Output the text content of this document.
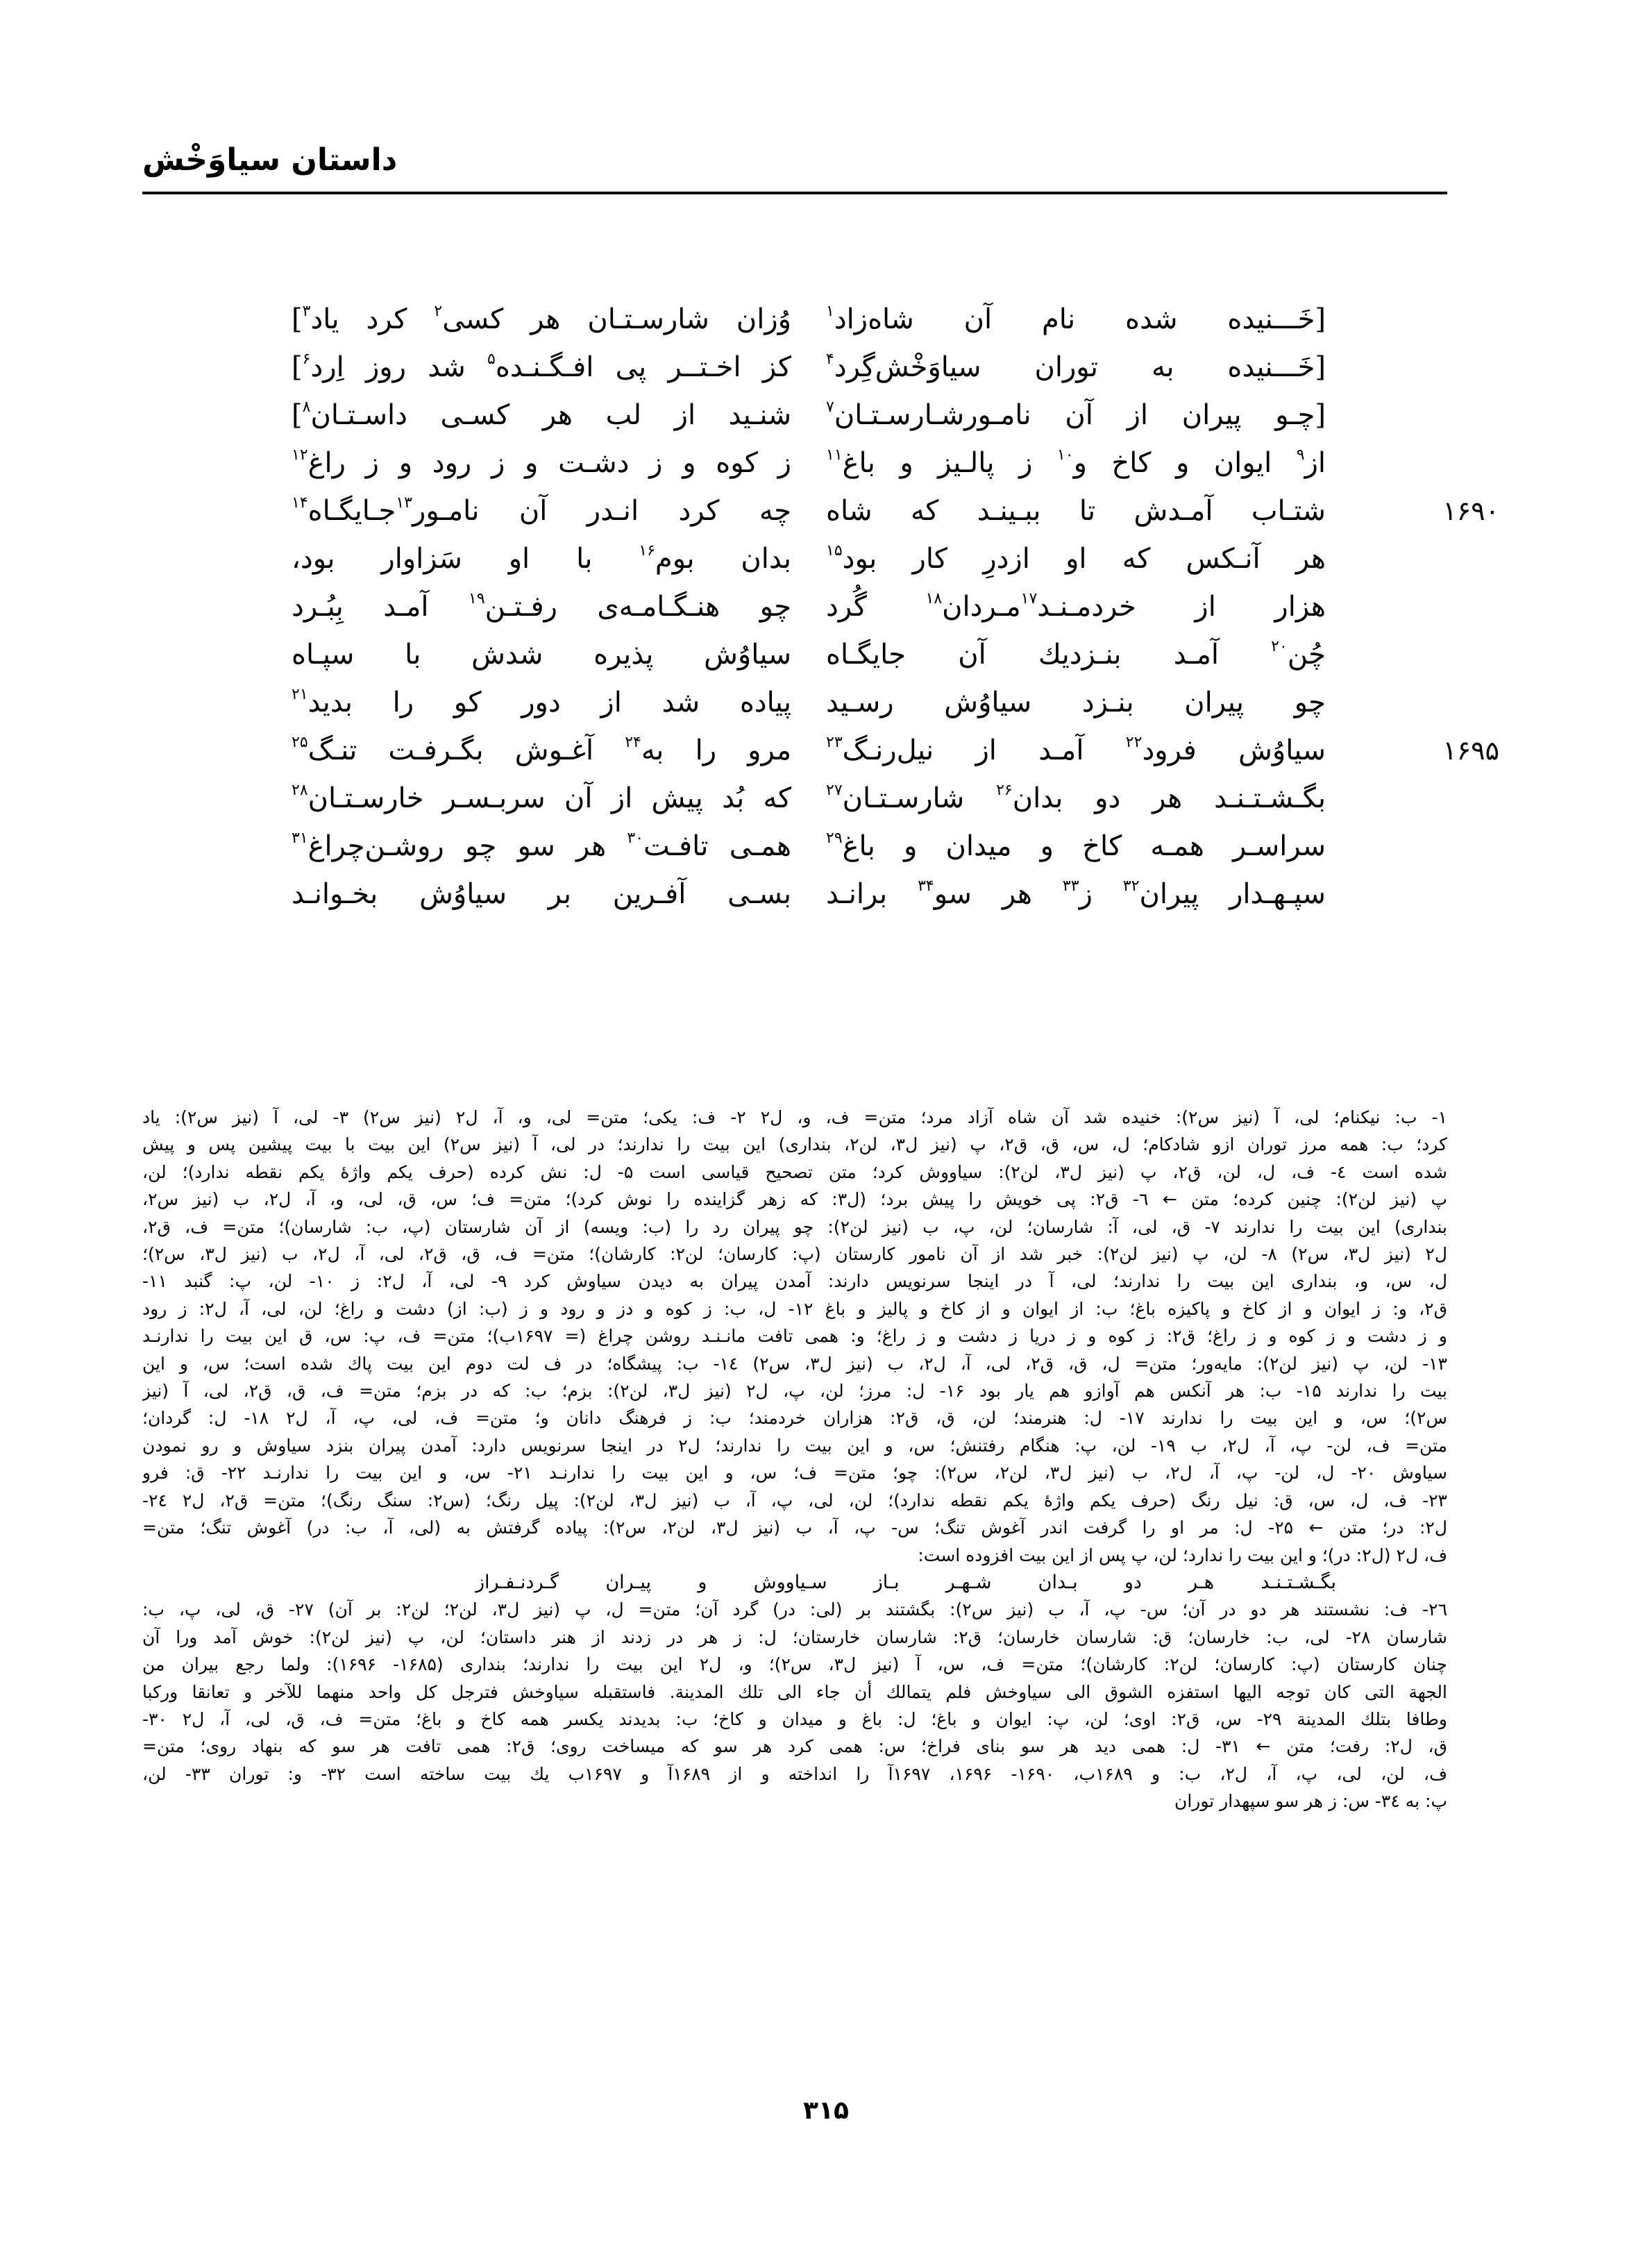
داستان سیاوَخْش
[خَـــنیده شده نام آن شاه‌زاد$^۱$
وُزان شارسـتـان هر کسی$^۲$ کرد یاد$^۳$]
[خَـــنیده به توران سیاوَخْش‌گِرد$^۴$
کز اخـتــر پی افـگـنـده$^۵$ شد روز اِرد$^۶$]
[چـو پیران از آن نامـورشـارسـتـان$^۷$
شنـید از لب هر کسـی داسـتـان$^۸$]
از$^۹$ ایوان و کاخ و$^{۱۰}$ ز پالـیز و باغ$^{۱۱}$
ز کوه و ز دشـت و ز رود و ز راغ$^{۱۲}$
۱۶۹۰
شتـاب آمـدش تا ببـینـد که شاه
چه کرد انـدر آن نامـور$^{۱۳}$جـایگـاه$^{۱۴}$
هر آنـکس که او ازدرِ کار بود$^{۱۵}$
بدان بوم$^{۱۶}$ با او سَزاوار بود،
هزار از خردمـنـد$^{۱۷}$مـردان$^{۱۸}$ گُرد
چو هنـگـامـه‌ی رفـتـن$^{۱۹}$ آمـد بِبُـرد
چُن$^{۲۰}$ آمـد بنـزدیك آن جایگـاه
سیاوُش پذیره شدش با سپـاه
چو پیران بنـزد سیاوُش رسـید
پیاده شد از دور کو را بدید$^{۲۱}$
۱۶۹۵
سیاوُش فرود$^{۲۲}$ آمـد از نیل‌رنـگ$^{۲۳}$
مرو را به$^{۲۴}$ آغـوش بگـرفـت تنـگ$^{۲۵}$
بگـشـتـنـد هر دو بدان$^{۲۶}$ شارسـتـان$^{۲۷}$
که بُد پیش از آن سربـسـر خارسـتـان$^{۲۸}$
سراسـر همـه کاخ و میدان و باغ$^{۲۹}$
همـی تافـت$^{۳۰}$ هر سو چو روشـن‌چراغ$^{۳۱}$
سپـهـدار پیران$^{۳۲}$ ز$^{۳۳}$ هر سو$^{۳۴}$ برانـد
بسـی آفـرین بر سیاوُش بخـوانـد
۱- ب: نیکنام؛ لی، آ (نیز س۲): خنیده شد آن شاه آزاد مرد؛ متن= ف، و، ل۲ ۲- ف: یکی؛ متن= لی، و، آ، ل۲ (نیز س۲) ۳- لی، آ (نیز س۲): یاد
کرد؛ ب: همه مرز توران ازو شادکام؛ ل، س، ق، ق۲، پ (نیز ل۳، لن۲، بنداری) این بیت را ندارند؛ در لی، آ (نیز س۲) این بیت با بیت پیشین پس و پیش
شده است ٤- ف، ل، لن، ق۲، پ (نیز ل۳، لن۲): سیاووش کرد؛ متن تصحیح قیاسی است ۵- ل: نش کرده (حرف یکم واژهٔ یکم نقطه ندارد)؛ لن،
پ (نیز لن۲): چنین کرده؛ متن ← ٦- ق۲: پی خویش را پیش برد؛ (ل۳: که زهر گزاینده را نوش کرد)؛ متن= ف؛ س، ق، لی، و، آ، ل۲، ب (نیز س۲،
بنداری) این بیت را ندارند ۷- ق، لی، آ: شارسان؛ لن، پ، ب (نیز لن۲): چو پیران رد را (ب: ویسه) از آن شارستان (پ، ب: شارسان)؛ متن= ف، ق۲،
ل۲ (نیز ل۳، س۲) ۸- لن، پ (نیز لن۲): خبر شد از آن نامور کارستان (پ: کارسان؛ لن۲: کارشان)؛ متن= ف، ق، ق۲، لی، آ، ل۲، ب (نیز ل۳، س۲)؛
ل، س، و، بنداری این بیت را ندارند؛ لی، آ در اینجا سرنویس دارند: آمدن پیران به دیدن سیاوش کرد ۹- لی، آ، ل۲: ز ۱۰- لن، پ: گنبد ۱۱-
ق۲، و: ز ایوان و از کاخ و پاکیزه باغ؛ ب: از ایوان و از کاخ و پالیز و باغ ۱۲- ل، ب: ز کوه و دز و رود و ز (ب: از) دشت و راغ؛ لن، لی، آ، ل۲: ز رود
و ز دشت و ز کوه و ز راغ؛ ق۲: ز کوه و ز دریا ز دشت و ز راغ؛ و: همی تافت مانـنـد روشن چراغ (= ۱۶۹۷ب)؛ متن= ف، پ: س، ق این بیت را ندارنـد
۱۳- لن، پ (نیز لن۲): مایه‌ور؛ متن= ل، ق، ق۲، لی، آ، ل۲، ب (نیز ل۳، س۲) ۱٤- ب: پیشگاه؛ در ف لت دوم این بیت پاك شده است؛ س، و این
بیت را ندارند ۱۵- ب: هر آنکس هم آوازو هم یار بود ۱۶- ل: مرز؛ لن، پ، ل۲ (نیز ل۳، لن۲): بزم؛ ب: که در بزم؛ متن= ف، ق، ق۲، لی، آ (نیز
س۲)؛ س، و این بیت را ندارند ۱۷- ل: هنرمند؛ لن، ق، ق۲: هزاران خردمند؛ ب: ز فرهنگ دانان و؛ متن= ف، لی، پ، آ، ل۲ ۱۸- ل: گردان؛
متن= ف، لن- پ، آ، ل۲، ب ۱۹- لن، پ: هنگام رفتنش؛ س، و این بیت را ندارند؛ ل۲ در اینجا سرنویس دارد: آمدن پیران بنزد سیاوش و رو نمودن
سیاوش ۲۰- ل، لن- پ، آ، ل۲، ب (نیز ل۳، لن۲، س۲): چو؛ متن= ف؛ س، و این بیت را ندارنـد ۲۱- س، و این بیت را ندارنـد ۲۲- ق: فرو
۲۳- ف، ل، س، ق: نیل رنگ (حرف یکم واژهٔ یکم نقطه ندارد)؛ لن، لی، پ، آ، ب (نیز ل۳، لن۲): پیل رنگ؛ (س۲: سنگ رنگ)؛ متن= ق۲، ل۲ ۲٤-
ل۲: در؛ متن ← ۲۵- ل: مر او را گرفت اندر آغوش تنگ؛ س- پ، آ، ب (نیز ل۳، لن۲، س۲): پیاده گرفتش به (لی، آ، ب: در) آغوش تنگ؛ متن=
ف، ل۲ (ل۲: در)؛ و این بیت را ندارد؛ لن، پ پس از این بیت افزوده است:
بگـشـتـنـد هـر دو بـدان شـهـر بـاز سـیاووش و پیـران گـردنـفـراز
۲٦- ف: نشستند هر دو در آن؛ س- پ، آ، ب (نیز س۲): بگشتند بر (لی: در) گرد آن؛ متن= ل، پ (نیز ل۳، لن۲؛ لن۲: بر آن) ۲۷- ق، لی، پ، ب:
شارسان ۲۸- لی، ب: خارسان؛ ق: شارسان خارسان؛ ق۲: شارسان خارستان؛ ل: ز هر در زدند از هنر داستان؛ لن، پ (نیز لن۲): خوش آمد ورا آن
چنان کارستان (پ: کارسان؛ لن۲: کارشان)؛ متن= ف، س، آ (نیز ل۳، س۲)؛ و، ل۲ این بیت را ندارند؛ بنداری (۱۶۸۵- ۱۶۹۶): ولما رجع بیران من
الجهة التی کان توجه الیها استفزه الشوق الی سیاوخش فلم یتمالك أن جاء الی تلك المدینة. فاستقبله سیاوخش فترجل کل واحد منهما للآخر و تعانقا ورکبا
وطافا بتلك المدینة ۲۹- س، ق۲: اوی؛ لن، پ: ایوان و باغ؛ ل: باغ و میدان و کاخ؛ ب: بدیدند یکسر همه کاخ و باغ؛ متن= ف، ق، لی، آ، ل۲ ۳۰-
ق، ل۲: رفت؛ متن ← ۳۱- ل: همی دید هر سو بنای فراخ؛ س: همی کرد هر سو که میساخت روی؛ ق۲: همی تافت هر سو که بنهاد روی؛ متن=
ف، لن، لی، پ، آ، ل۲، ب: و ۱۶۸۹ب، ۱۶۹۰- ۱۶۹۶، ۱۶۹۷آ را انداخته و از ۱۶۸۹آ و ۱۶۹۷ب یك بیت ساخته است ۳۲- و: توران ۳۳- لن،
پ: به ۳٤- س: ز هر سو سپهدار توران
۳۱۵
